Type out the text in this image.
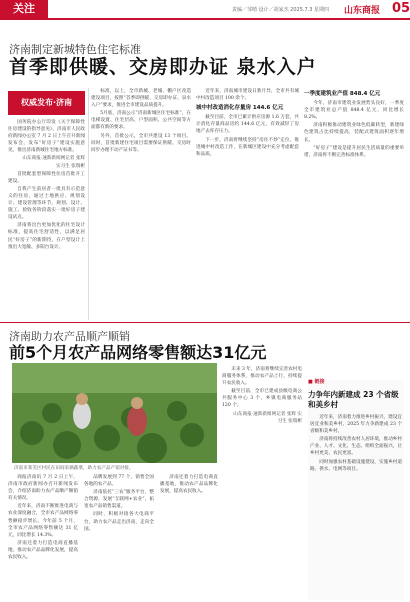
关注	责编／邹晴 设计／胡家杰 2025.7.3 星期四 山东商报 05
济南制定新城特色住宅标准
首季即供暖、交房即办证 泉水入户
权威发布·济南

国务院办公厅印发《关于保障性住房建设的指导意见》，济南市人民政府新闻办公室 7 月 2 日上午召开新闻发布会，发布“好房子”建设实施意见，推出济南新城住宅地方标准。

山东商报·速新新闻网记者 张辉 实习生 张瑞彬

首批配套型保障性住房首批开工建设。

自我产生前居者一批具有示范意义的住房，通过土地供应、规划设计、建设管理等环节，规划、设计、施工、验收各阶段落实一批好房子建设试点。

济南将出台更加优化的住宅设计标准，提高住宅舒适性，以满足居民“好房子”的新期待，在户型设计上推出大宽敞、多阳台设计。

标准，以上，全市新城、老城、棚户区改造建设项目，按照“首季即供暖、交房即办证、泉水入户”要求，推进全市建设品质提升。

5月底，济南公示“济南新城区住宅标准”，在电梯设置、住宅层高、户型面积、公共空间等方面都有新的要求。

另外，首批公示，全市共建设 13 个项目。同时，首批新建住宅项目需要保证供暖、交房时同步办理不动产证书等。

近年来，济南城市建设日新月异，全市共有城中村改造项目 100 余个。

城中村改造消化存量房 144.6 亿元

截至目前，全市已累计供应房源 1.6 万套，共计消化存量商品房约 144.6 亿元，有效减轻了房地产去库存压力。

下一步，济南将继续坚持“房住不炒”定位，推进城中村改造工作，在新城区建设中充分考虑配套和品质。

一季度建筑业产值 848.4 亿元

今年，济南市建筑业发展势头良好，一季度全市建筑业总产值 848.4 亿元，同比增长 8.2%。

济南积极推动建筑业绿色低碳转型，新建绿色建筑占比持续提高，装配式建筑面积逐年增长。

“好房子”建设是提升居民生活质量的重要举措，济南将不断完善标准体系。

济南助力农产品顺产顺销
前5个月农产品网络零售额达31亿元
济南市莱芜区村民在田间采摘蔬菜，助力农产品产销对接。

商报济南讯 7 月 2 日上午，济南市政府新闻办召开新闻发布会，介绍济南助力农产品顺产顺销有关情况。

近年来，济南不断推进电商与农业深度融合，全市农产品网络零售额稳步增长。今年前 5 个月，全市农产品网络零售额达 31 亿元，同比增长 14.3%。

济南还着力打造电商直播基地，推动农产品品牌化发展，提高农民收入。

品牌发展到 77 个，销售全国各地的农产品。

济南依托“三农”服务平台，整合资源，发展“互联网+农业”，拓宽农产品销售渠道。

同时，积极对接各大电商平台，助力农产品走出济南，走向全国。

未来 3 年，济南将继续完善农村电商服务体系，推动农产品上行，持续提升农民收入。

截至目前，全市已建成县级电商公共服务中心 3 个，乡镇电商服务站 120 个。

山东商报·速新新闻网记者 张辉 实习生 张瑞彬

济南还着力打造电商直播基地，推动农产品品牌化发展，提高农民收入。

■ 链接
力争年内新建成 23 个省级和美乡村

近年来，济南着力推进乡村振兴，建设宜居宜业和美乡村，2025 年力争新建成 23 个省级和美乡村。

济南将持续改善农村人居环境，推动乡村产业、人才、文化、生态、组织全面振兴，让乡村更美、农民更富。

同时加强农村基础设施建设，实施乡村道路、供水、电网等项目。
